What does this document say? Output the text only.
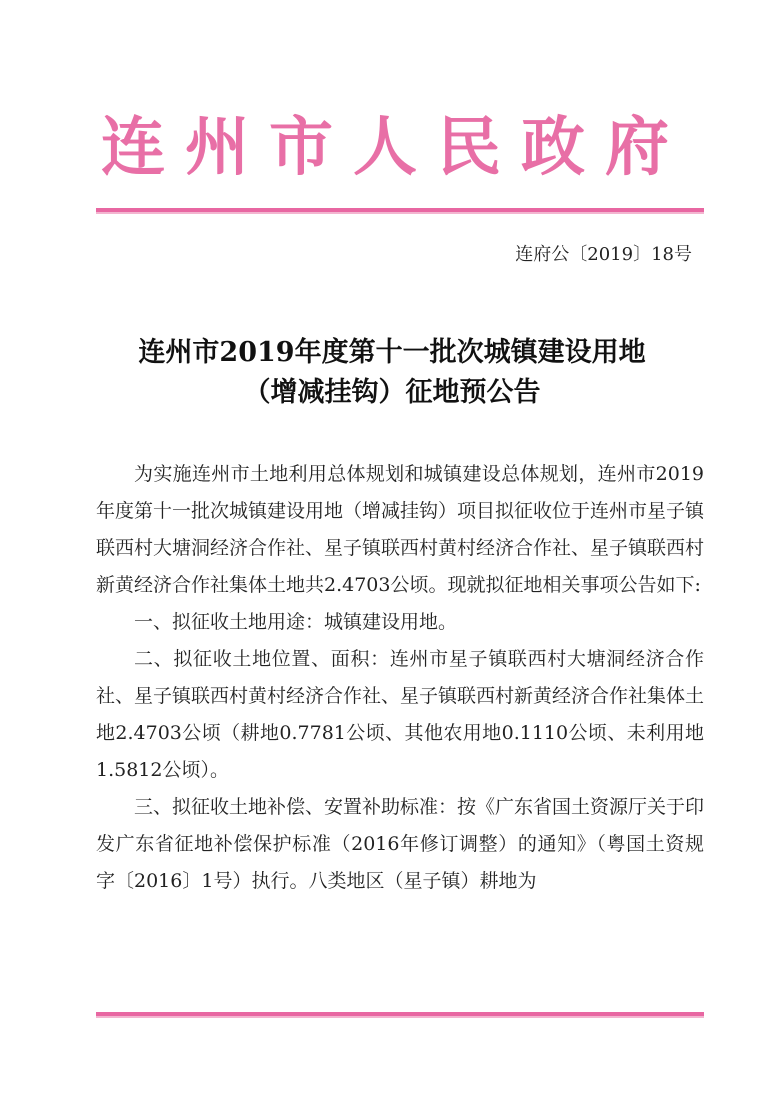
连州市人民政府
连府公〔2019〕18号
连州市2019年度第十一批次城镇建设用地
（增减挂钩）征地预公告

为实施连州市土地利用总体规划和城镇建设总体规划，连州市2019年度第十一批次城镇建设用地（增减挂钩）项目拟征收位于连州市星子镇联西村大塘洞经济合作社、星子镇联西村黄村经济合作社、星子镇联西村新黄经济合作社集体土地共2.4703公顷。现就拟征地相关事项公告如下:

一、拟征收土地用途：城镇建设用地。

二、拟征收土地位置、面积：连州市星子镇联西村大塘洞经济合作社、星子镇联西村黄村经济合作社、星子镇联西村新黄经济合作社集体土地2.4703公顷（耕地0.7781公顷、其他农用地0.1110公顷、未利用地1.5812公顷）。

三、拟征收土地补偿、安置补助标准：按《广东省国土资源厅关于印发广东省征地补偿保护标准（2016年修订调整）的通知》（粤国土资规字〔2016〕1号）执行。八类地区（星子镇）耕地为
